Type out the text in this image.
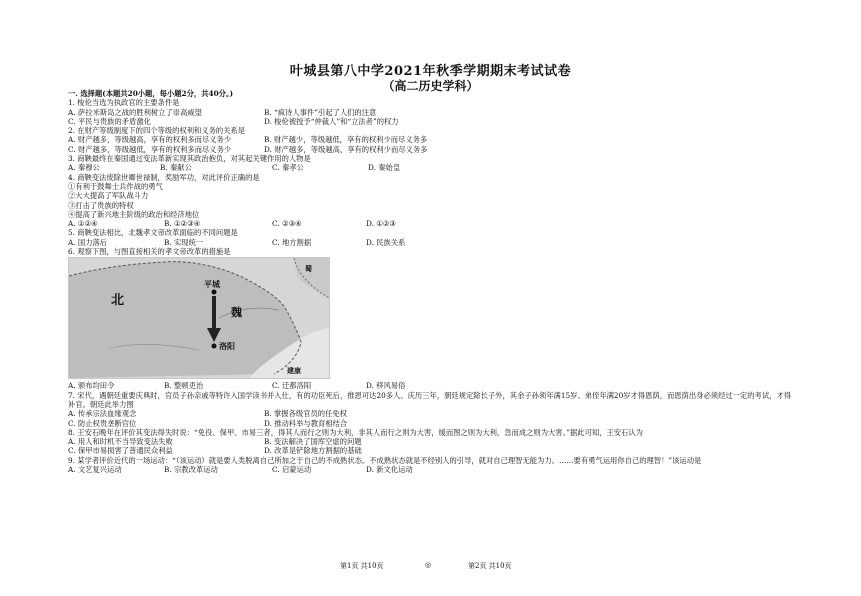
叶城县第八中学2021年秋季学期期末考试试卷
（高二历史学科）
一. 选择题(本题共20小题，每小题2分，共40分。)
1. 梭伦当选为执政官的主要条件是
A. 萨拉米斯岛之战的胜利树立了崇高威望	B. “疯诗人事件”引起了人们的注意
C. 平民与贵族的矛盾激化	D. 梭伦被授予“仲裁人”和“立法者”的权力
2. 在财产等级制度下的四个等级的权利和义务的关系是
A. 财产越多，等级越高，享有的权利多而尽义务少	B. 财产越少，等级越低，享有的权利少而尽义务多
C. 财产越多，等级越低，享有的权利多而尽义务少	D. 财产越多，等级越高，享有的权利少而尽义务多
3. 商鞅最终在秦国通过变法革新实现其政治抱负，对其起关键作用的人物是
A. 秦穆公	B. 秦献公	C. 秦孝公	D. 秦始皇
4. 商鞅变法废除世卿世禄制，奖励军功，对此评价正确的是
①有利于鼓舞士兵作战的勇气
②大大提高了军队战斗力
③打击了贵族的特权
④提高了新兴地主阶级的政治和经济地位
A. ①②④	B. ①②③④	C. ②③④	D. ①②③
5. 商鞅变法相比，北魏孝文帝改革面临的不同问题是
A. 国力落后	B. 实现统一	C. 地方割据	D. 民族关系
6. 观察下图，与图直接相关的孝文帝改革的措施是
北
魏
平城
洛阳
建康
蜀
A. 颁布均田令	B. 整顿吏治	C. 迁都洛阳	D. 移风易俗
7. 宋代，遇朝廷重要庆典时，官员子孙亲戚等特许入国学读书并入仕，有的功臣死后，推恩可达20多人。庆历三年，朝廷规定除长子外，其余子孙须年满15岁、弟侄年满20岁才得恩荫，而恩荫出身必须经过一定的考试，才得补官。朝廷此举力图
A. 传承宗法血缘观念	B. 掌握各级官员的任免权
C. 防止权贵垄断官位	D. 推动科举与教育相结合
8. 王安石晚年在评价其变法得失时说：“免役、保甲、市易三者，得其人而行之则为大利，非其人而行之则为大害，缓而图之则为大利，急而成之则为大害。”据此可知，王安石认为
A. 用人和时机不当导致变法失败	B. 变法解决了国库空虚的问题
C. 保甲市易损害了普通民众利益	D. 改革是铲除地方割据的基础
9. 某学者评价近代的一场运动：“（该运动）就是要人类脱离自己所加之于自己的不成熟状态。不成熟状态就是不经别人的引导，就对自己理智无能为力。……要有勇气运用你自己的理智！”该运动是
A. 文艺复兴运动	B. 宗教改革运动	C. 启蒙运动	D. 新文化运动
第1页 共10页	◎	第2页 共10页
